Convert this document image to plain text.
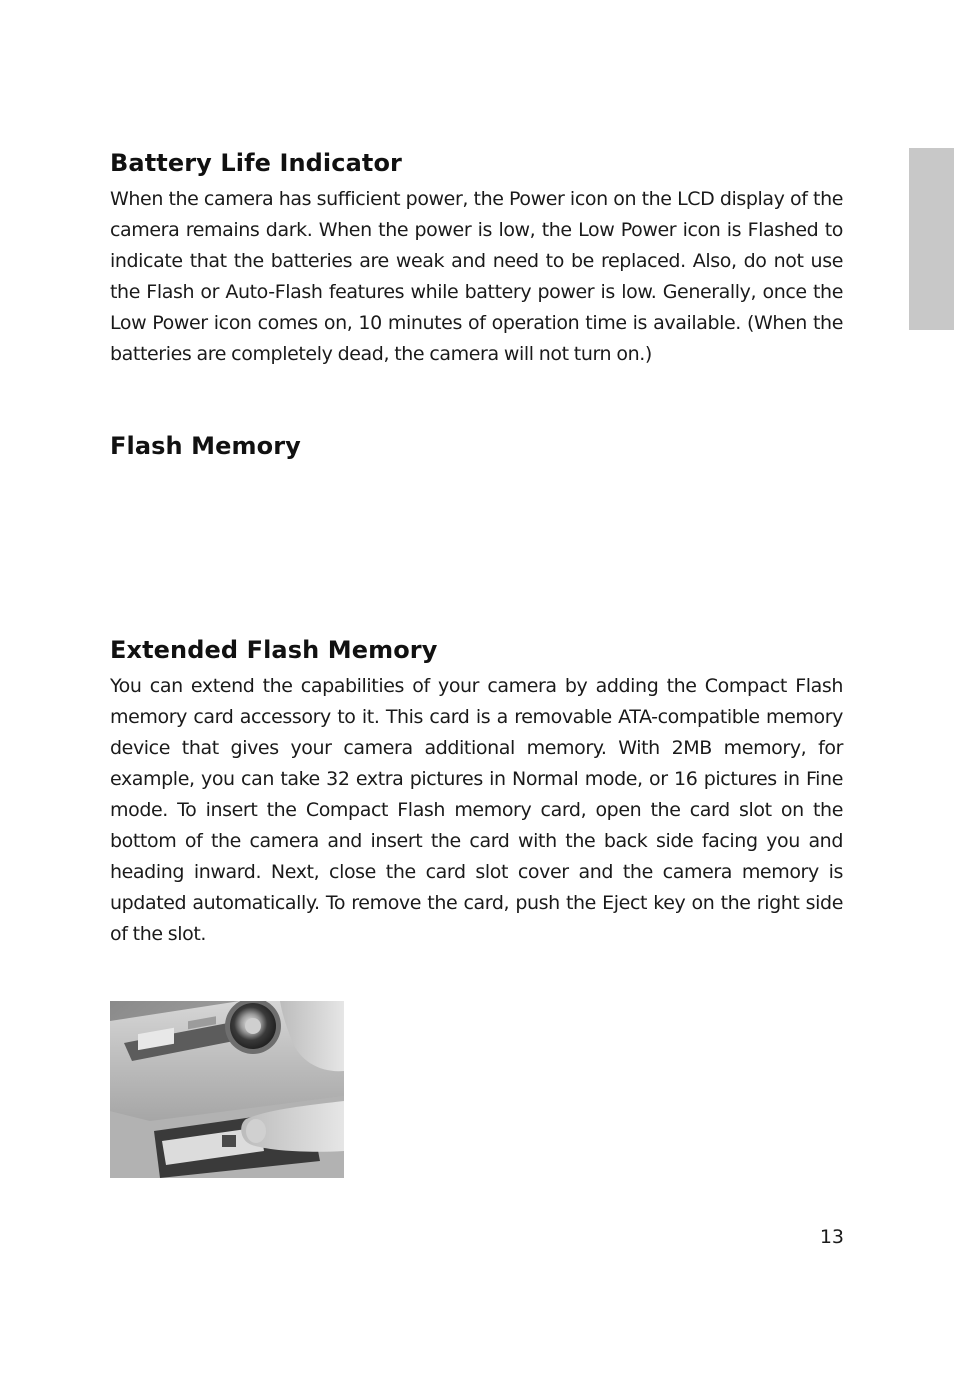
Battery Life Indicator

When the camera has sufficient power, the Power icon on the LCD display of the camera remains dark. When the power is low, the Low Power icon is Flashed to indicate that the batteries are weak and need to be replaced. Also, do not use the Flash or Auto-Flash features while battery power is low. Generally, once the Low Power icon comes on, 10 minutes of operation time is available. (When the batteries are completely dead, the camera will not turn on.)

Flash Memory
Extended Flash Memory

You can extend the capabilities of your camera by adding the Compact Flash memory card accessory to it. This card is a removable ATA-compatible memory device that gives your camera additional memory. With 2MB memory, for example, you can take 32 extra pictures in Normal mode, or 16 pictures in Fine mode. To insert the Compact Flash memory card, open the card slot on the bottom of the camera and insert the card with the back side facing you and heading inward. Next, close the card slot cover and the camera memory is updated automatically. To remove the card, push the Eject key on the right side of the slot.

13
